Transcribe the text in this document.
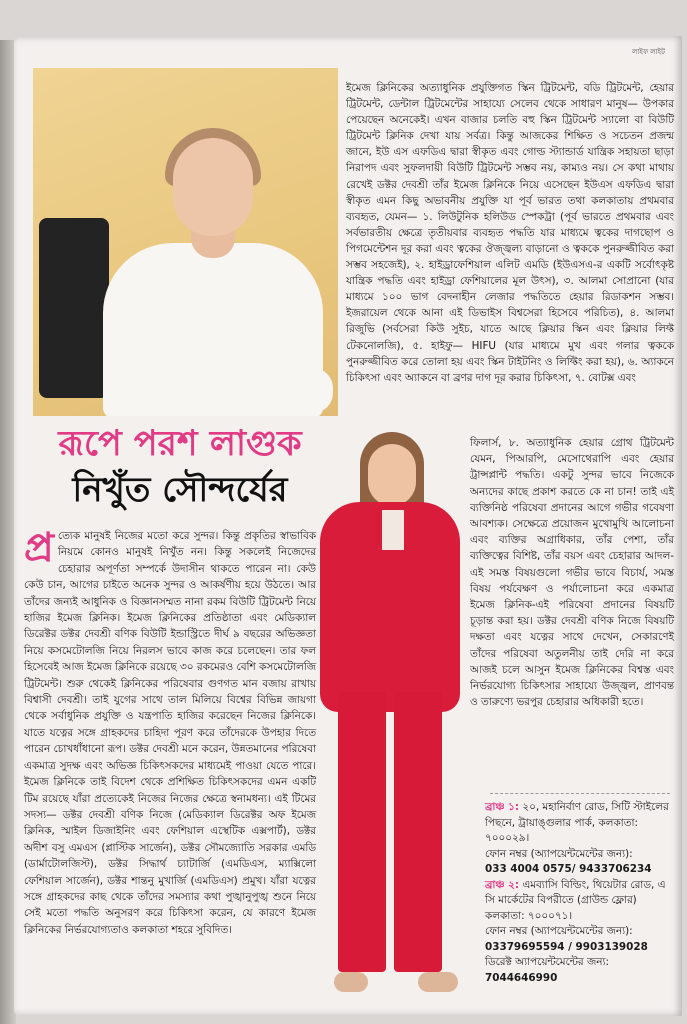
লাইফ লাইট
ইমেজ ক্লিনিকের অত্যাধুনিক প্রযুক্তিগত স্কিন ট্রিটমেন্ট, বডি ট্রিটমেন্ট, হেয়ার ট্রিটমেন্ট, ডেন্টাল ট্রিটমেন্টের সাহায্যে সেলেব থেকে সাধারণ মানুষ— উপকার পেয়েছেন অনেকেই। এখন বাজার চলতি বহু স্কিন ট্রিটমেন্ট স্যালো বা বিউটি ট্রিটমেন্ট ক্লিনিক দেখা যায় সর্বত্র। কিন্তু আজকের শিক্ষিত ও সচেতন প্রজন্ম জানে, ইউ এস এফডিএ দ্বারা স্বীকৃত এবং গোল্ড স্ট্যান্ডার্ড যান্ত্রিক সহায়তা ছাড়া নিরাপদ এবং সুফলদায়ী বিউটি ট্রিটমেন্ট সম্ভব নয়, কাম্যও নয়। সে কথা মাথায় রেখেই ডক্টর দেবশ্রী তাঁর ইমেজ ক্লিনিকে নিয়ে এসেছেন ইউএস এফডিএ দ্বারা স্বীকৃত এমন কিছু অভাবনীয় প্রযুক্তি যা পূর্ব ভারত তথা কলকাতায় প্রথমবার ব্যবহৃত, যেমন— ১. লিউটুনিক হলিউড স্পেকট্রা (পূর্ব ভারতে প্রথমবার এবং সর্বভারতীয় ক্ষেত্রে তৃতীয়বার ব্যবহৃত পদ্ধতি যার মাধ্যমে ত্বকের দাগছোপ ও পিগমেন্টেশন দূর করা এবং ত্বকের ঔজ্জ্বল্য বাড়ানো ও ত্বককে পুনরুজ্জীবিত করা সম্ভব সহজেই), ২. হাইড্রাফেশিয়াল এলিট এমডি (ইউএসএ-র একটি সর্বোৎকৃষ্ট যান্ত্রিক পদ্ধতি এবং হাইড্রা ফেশিয়ালের মূল উৎস), ৩. আলমা সোপ্রানো (যার মাধ্যমে ১০০ ভাগ বেদনাহীন লেজার পদ্ধতিতে হেয়ার রিডাকশন সম্ভব। ইজরায়েল থেকে আনা এই ডিভাইস বিশ্বসেরা হিসেবে পরিচিত), ৪. আলমা রিজুভি (সর্বসেরা কিউ সুইচ, যাতে আছে ক্লিয়ার স্কিন এবং ক্লিয়ার লিফ্ট টেকনোলজি), ৫. হাইফু— HIFU (যার মাধ্যমে মুখ এবং গলার ত্বককে পুনরুজ্জীবিত করে তোলা হয় এবং স্কিন টাইটনিং ও লিফ্টিং করা হয়), ৬. অ্যাকনে চিকিৎসা এবং অ্যাকনে বা ব্রণর দাগ দূর করার চিকিৎসা, ৭. বোটক্স এবং
রূপে পরশ লাগুক
নিখুঁত সৌন্দর্যের
প্র ত্যেক মানুষই নিজের মতো করে সুন্দর। কিন্তু প্রকৃতির স্বাভাবিক নিয়মে কোনও মানুষই নিখুঁত নন। কিন্তু সকলেই নিজেদের চেহারার অপূর্ণতা সম্পর্কে উদাসীন থাকতে পারেন না। কেউ কেউ চান, আগের চাইতে অনেক সুন্দর ও আকর্ষণীয় হয়ে উঠতে। আর তাঁদের জন্যই আধুনিক ও বিজ্ঞানসম্মত নানা রকম বিউটি ট্রিটমেন্ট নিয়ে হাজির ইমেজ ক্লিনিক। ইমেজ ক্লিনিকের প্রতিষ্ঠাতা এবং মেডিক্যাল ডিরেক্টর ডক্টর দেবশ্রী বণিক বিউটি ইন্ডাস্ট্রিতে দীর্ঘ ৯ বছরের অভিজ্ঞতা নিয়ে কসমেটোলজি নিয়ে নিরলস ভাবে কাজ করে চলেছেন। তার ফল হিসেবেই আজ ইমেজ ক্লিনিকে রয়েছে ৩০ রকমেরও বেশি কসমেটোলজি ট্রিটমেন্ট। শুরু থেকেই ক্লিনিকের পরিষেবার গুণগত মান বজায় রাখায় বিশ্বাসী দেবশ্রী। তাই যুগের সাথে তাল মিলিয়ে বিশ্বের বিভিন্ন জায়গা থেকে সর্বাধুনিক প্রযুক্তি ও যন্ত্রপাতি হাজির করেছেন নিজের ক্লিনিকে। যাতে যত্নের সঙ্গে গ্রাহকদের চাহিদা পূরণ করে তাঁদেরকে উপহার দিতে পারেন চোখধাঁধানো রূপ। ডক্টর দেবশ্রী মনে করেন, উন্নতমানের পরিষেবা একমাত্র সুদক্ষ এবং অভিজ্ঞ চিকিৎসকদের মাধ্যমেই পাওয়া যেতে পারে। ইমেজ ক্লিনিকে তাই বিদেশ থেকে প্রশিক্ষিত চিকিৎসকদের এমন একটি টিম রয়েছে যাঁরা প্রত্যেকেই নিজের নিজের ক্ষেত্রে স্বনামধন্য। এই টিমের সদস্য— ডক্টর দেবশ্রী বণিক নিজে (মেডিক্যাল ডিরেক্টর অফ ইমেজ ক্লিনিক, স্মাইল ডিজাইনিং এবং ফেশিয়াল এস্থেটিক এক্সপার্ট), ডক্টর অদীশ বসু এমএস (প্লাস্টিক সার্জেন), ডক্টর সৌমজ্যোতি সরকার এমডি (ডার্মাটোলজিস্ট), ডক্টর সিদ্ধার্থ চ্যাটার্জি (এমডিএস, ম্যাক্সিলো ফেশিয়াল সার্জেন), ডক্টর শান্তনু মুখার্জি (এমডিএস) প্রমুখ। যাঁরা যত্নের সঙ্গে গ্রাহকদের কাছ থেকে তাঁদের সমস্যার কথা পুঙ্খানুপুঙ্খ শুনে নিয়ে সেই মতো পদ্ধতি অনুসরণ করে চিকিৎসা করেন, যে কারণে ইমেজ ক্লিনিকের নির্ভরযোগ্যতাও কলকাতা শহরে সুবিদিত।
ফিলার্স, ৮. অত্যাধুনিক হেয়ার গ্রোথ ট্রিটমেন্ট যেমন, পিআরপি, মেসোথেরাপি এবং হেয়ার ট্রান্সপ্লান্ট পদ্ধতি। একটু সুন্দর ভাবে নিজেকে অন্যদের কাছে প্রকাশ করতে কে না চান! তাই এই ব্যক্তিনিষ্ঠ পরিষেবা প্রদানের আগে গভীর গবেষণা আবশ্যক। সেক্ষেত্রে প্রয়োজন মুখোমুখি আলোচনা এবং ব্যক্তির অগ্রাধিকার, তাঁর পেশা, তাঁর ব্যক্তিত্বের বিশিষ্ট, তাঁর বয়স এবং চেহারার আদল- এই সমস্ত বিষয়গুলো গভীর ভাবে বিচার্য, সমস্ত বিষয় পর্যবেক্ষণ ও পর্যালোচনা করে একমাত্র ইমেজ ক্লিনিক-এই পরিষেবা প্রদানের বিষয়টি চূড়ান্ত করা হয়। ডক্টর দেবশ্রী বণিক নিজে বিষয়টি দক্ষতা এবং যত্নের সাথে দেখেন, সেকারণেই তাঁদের পরিষেবা অতুলনীয় তাই দেরি না করে আজই চলে আসুন ইমেজ ক্লিনিকের বিশ্বস্ত এবং নির্ভরযোগ্য চিকিৎসার সাহায্যে উজ্জ্বল, প্রাণবন্ত ও তারুণ্যে ভরপুর চেহারার অধিকারী হতে।
ব্রাঞ্চ ১: ২০, মহানির্বাণ রোড, সিটি স্টাইলের পিছনে, ট্রায়াঙ্গুলার পার্ক, কলকাতা: ৭০০০২৯।
ফোন নম্বর (অ্যাপয়েন্টমেন্টের জন্য):
033 4004 0575/ 9433706234
ব্রাঞ্চ ২: এমব্যাসি বিল্ডিং, থিয়েটার রোড, এ সি মার্কেটের বিপরীতে (গ্রাউন্ড ফ্লোর) কলকাতা: ৭০০০৭১।
ফোন নম্বর (অ্যাপয়েন্টমেন্টের জন্য):
03379695594 / 9903139028
ডিরেক্ট অ্যাপয়েন্টমেন্টের জন্য:
7044646990
